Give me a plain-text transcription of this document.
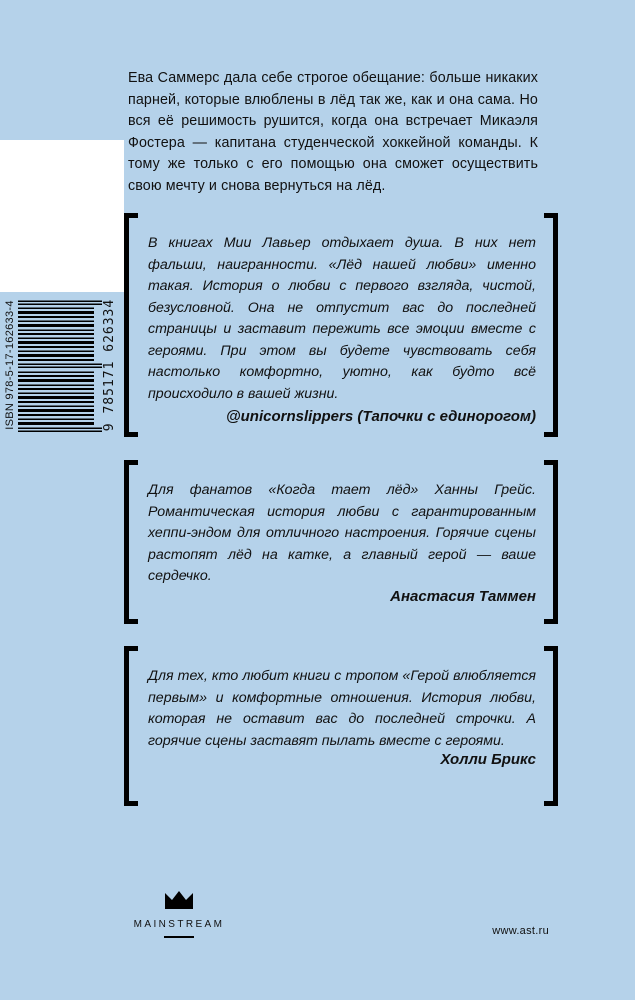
Ева Саммерс дала себе строгое обещание: больше никаких парней, которые влюблены в лёд так же, как и она сама. Но вся её решимость рушится, когда она встречает Микаэля Фостера — капитана студенческой хоккейной команды. К тому же только с его помощью она сможет осуществить свою мечту и снова вернуться на лёд.
ISBN 978-5-17-162633-4	9 785171 626334
В книгах Мии Лавьер отдыхает душа. В них нет фальши, наигранности. «Лёд нашей любви» именно такая. История о любви с первого взгляда, чистой, безусловной. Она не отпустит вас до последней страницы и заставит пережить все эмоции вместе с героями. При этом вы будете чувствовать себя настолько комфортно, уютно, как будто всё происходило в вашей жизни.
@unicornslippers (Тапочки с единорогом)
Для фанатов «Когда тает лёд» Ханны Грейс. Романтическая история любви с гарантированным хеппи-эндом для отличного настроения. Горячие сцены растопят лёд на катке, а главный герой — ваше сердечко.
Анастасия Таммен
Для тех, кто любит книги с тропом «Герой влюбляется первым» и комфортные отношения. История любви, которая не оставит вас до последней строчки. А горячие сцены заставят пылать вместе с героями.
Холли Брикс
MAINSTREAM
www.ast.ru
